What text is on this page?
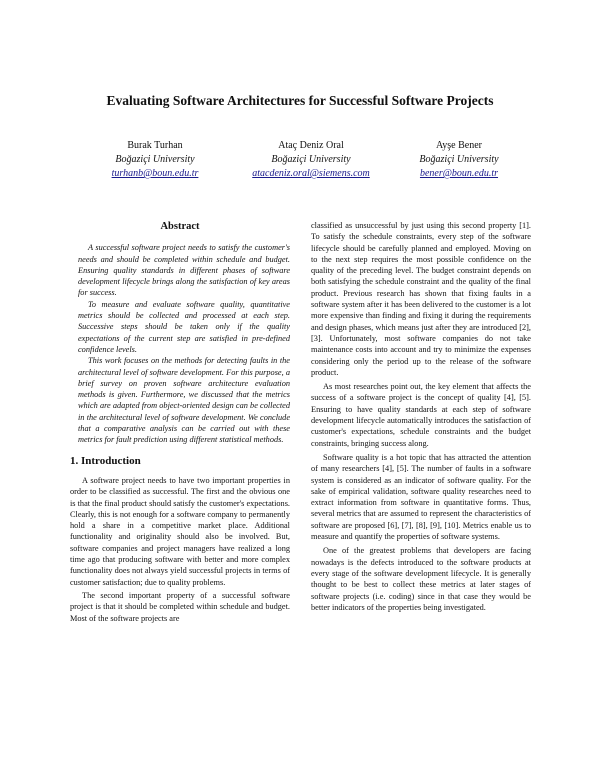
Evaluating Software Architectures for Successful Software Projects
Burak Turhan
Boğaziçi University
turhanb@boun.edu.tr
Ataç Deniz Oral
Boğaziçi University
atacdeniz.oral@siemens.com
Ayşe Bener
Boğaziçi University
bener@boun.edu.tr
Abstract

A successful software project needs to satisfy the customer's needs and should be completed within schedule and budget. Ensuring quality standards in different phases of software development lifecycle brings along the satisfaction of key areas for success.

To measure and evaluate software quality, quantitative metrics should be collected and processed at each step. Successive steps should be taken only if the quality expectations of the current step are satisfied in pre-defined confidence levels.

This work focuses on the methods for detecting faults in the architectural level of software development. For this purpose, a brief survey on proven software architecture evaluation methods is given. Furthermore, we discussed that the metrics which are adapted from object-oriented design can be collected in the architectural level of software development. We conclude that a comparative analysis can be carried out with these metrics for fault prediction using different statistical methods.

1. Introduction

A software project needs to have two important properties in order to be classified as successful. The first and the obvious one is that the final product should satisfy the customer's expectations. Clearly, this is not enough for a software company to permanently hold a share in a competitive market place. Additional functionality and originality should also be involved. But, software companies and project managers have realized a long time ago that producing software with better and more complex functionality does not always yield successful projects in terms of customer satisfaction; due to quality problems.

The second important property of a successful software project is that it should be completed within schedule and budget. Most of the software projects are

classified as unsuccessful by just using this second property [1]. To satisfy the schedule constraints, every step of the software lifecycle should be carefully planned and employed. Moving on to the next step requires the most possible confidence on the quality of the preceding level. The budget constraint depends on both satisfying the schedule constraint and the quality of the final product. Previous research has shown that fixing faults in a software system after it has been delivered to the customer is a lot more expensive than finding and fixing it during the requirements and design phases, which means just after they are introduced [2], [3]. Unfortunately, most software companies do not take maintenance costs into account and try to minimize the expenses considering only the period up to the release of the software product.

As most researches point out, the key element that affects the success of a software project is the concept of quality [4], [5]. Ensuring to have quality standards at each step of software development lifecycle automatically introduces the satisfaction of customer's expectations, schedule constraints and the budget constraints, bringing success along.

Software quality is a hot topic that has attracted the attention of many researchers [4], [5]. The number of faults in a software system is considered as an indicator of software quality. For the sake of empirical validation, software quality researches need to extract information from software in quantitative forms. Thus, several metrics that are assumed to represent the characteristics of software are proposed [6], [7], [8], [9], [10]. Metrics enable us to measure and quantify the properties of software systems.

One of the greatest problems that developers are facing nowadays is the defects introduced to the software products at every stage of the software development lifecycle. It is generally thought to be best to collect these metrics at later stages of software projects (i.e. coding) since in that case they would be better indicators of the properties being investigated.
